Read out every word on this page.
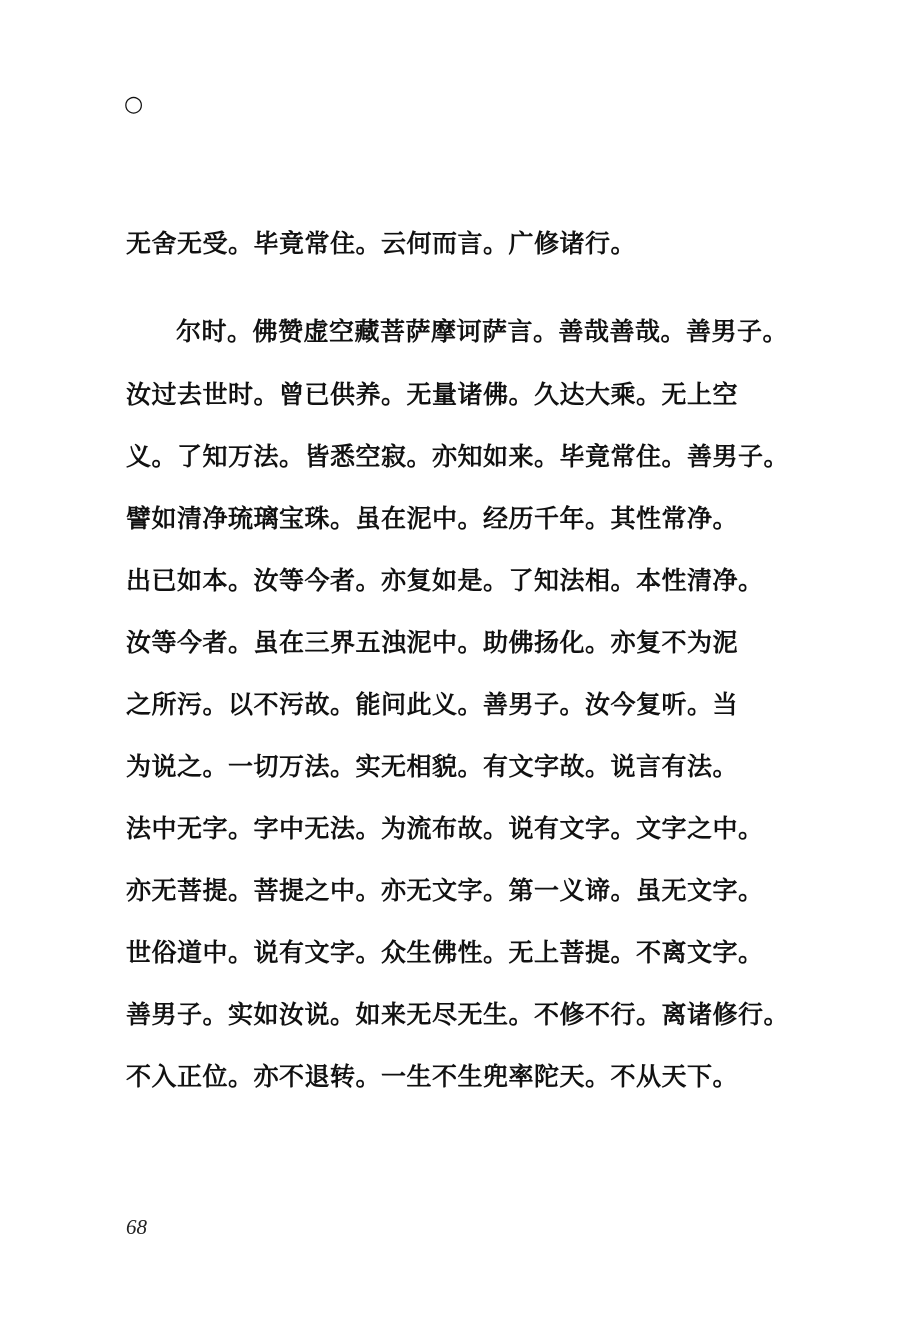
○
无舍无受。毕竟常住。云何而言。广修诸行。
尔时。佛赞虚空藏菩萨摩诃萨言。善哉善哉。善男子。
汝过去世时。曾已供养。无量诸佛。久达大乘。无上空
义。了知万法。皆悉空寂。亦知如来。毕竟常住。善男子。
譬如清净琉璃宝珠。虽在泥中。经历千年。其性常净。
出已如本。汝等今者。亦复如是。了知法相。本性清净。
汝等今者。虽在三界五浊泥中。助佛扬化。亦复不为泥
之所污。以不污故。能问此义。善男子。汝今复听。当
为说之。一切万法。实无相貌。有文字故。说言有法。
法中无字。字中无法。为流布故。说有文字。文字之中。
亦无菩提。菩提之中。亦无文字。第一义谛。虽无文字。
世俗道中。说有文字。众生佛性。无上菩提。不离文字。
善男子。实如汝说。如来无尽无生。不修不行。离诸修行。
不入正位。亦不退转。一生不生兜率陀天。不从天下。
68
